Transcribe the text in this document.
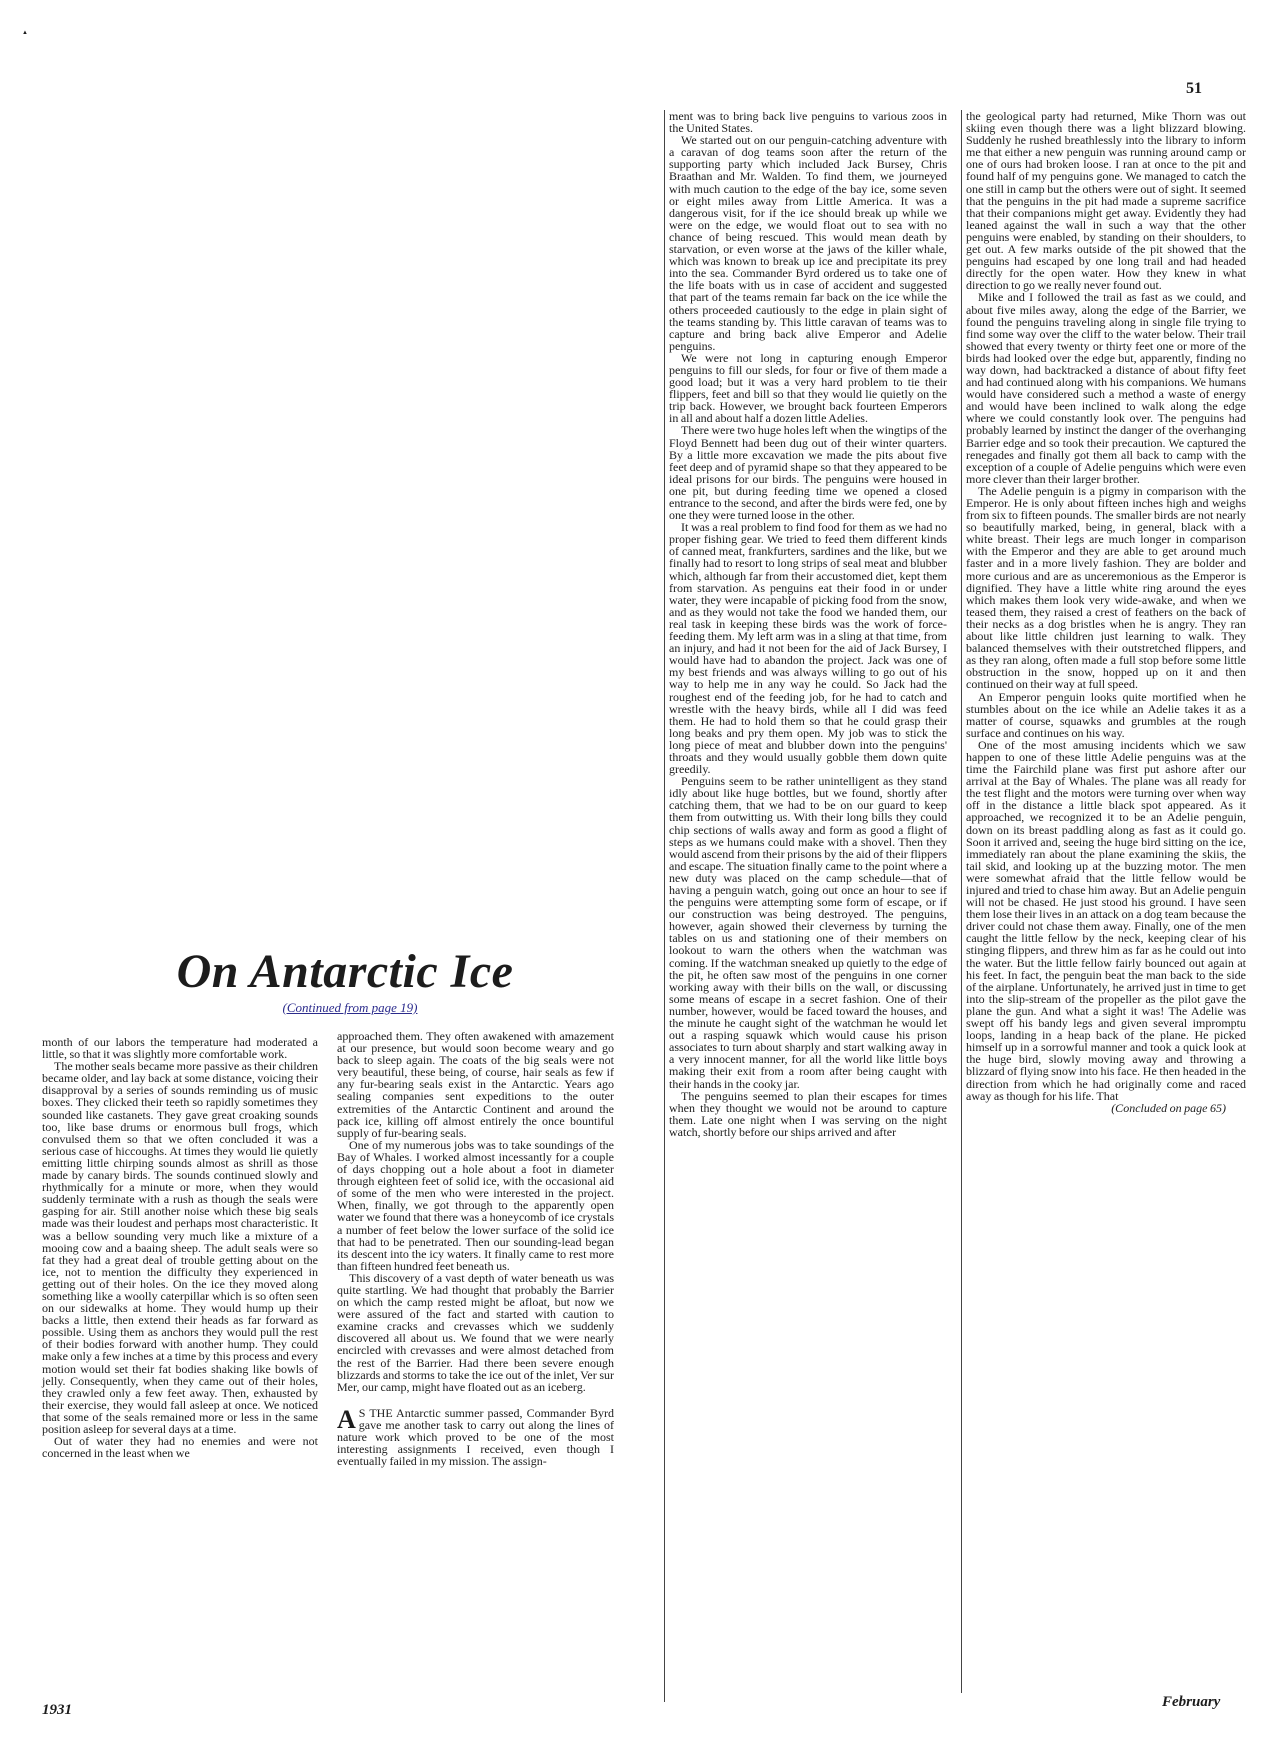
▲
51
On Antarctic Ice
(Continued from page 19)

month of our labors the temperature had moderated a little, so that it was slightly more comfortable work.

The mother seals became more passive as their children became older, and lay back at some distance, voicing their disapproval by a series of sounds reminding us of music boxes. They clicked their teeth so rapidly sometimes they sounded like castanets. They gave great croaking sounds too, like base drums or enormous bull frogs, which convulsed them so that we often concluded it was a serious case of hiccoughs. At times they would lie quietly emitting little chirping sounds almost as shrill as those made by canary birds. The sounds continued slowly and rhythmically for a minute or more, when they would suddenly terminate with a rush as though the seals were gasping for air. Still another noise which these big seals made was their loudest and perhaps most characteristic. It was a bellow sounding very much like a mixture of a mooing cow and a baaing sheep. The adult seals were so fat they had a great deal of trouble getting about on the ice, not to mention the difficulty they experienced in getting out of their holes. On the ice they moved along something like a woolly caterpillar which is so often seen on our sidewalks at home. They would hump up their backs a little, then extend their heads as far forward as possible. Using them as anchors they would pull the rest of their bodies forward with another hump. They could make only a few inches at a time by this process and every motion would set their fat bodies shaking like bowls of jelly. Consequently, when they came out of their holes, they crawled only a few feet away. Then, exhausted by their exercise, they would fall asleep at once. We noticed that some of the seals remained more or less in the same position asleep for several days at a time.

Out of water they had no enemies and were not concerned in the least when we

approached them. They often awakened with amazement at our presence, but would soon become weary and go back to sleep again. The coats of the big seals were not very beautiful, these being, of course, hair seals as few if any fur-bearing seals exist in the Antarctic. Years ago sealing companies sent expeditions to the outer extremities of the Antarctic Continent and around the pack ice, killing off almost entirely the once bountiful supply of fur-bearing seals.

One of my numerous jobs was to take soundings of the Bay of Whales. I worked almost incessantly for a couple of days chopping out a hole about a foot in diameter through eighteen feet of solid ice, with the occasional aid of some of the men who were interested in the project. When, finally, we got through to the apparently open water we found that there was a honeycomb of ice crystals a number of feet below the lower surface of the solid ice that had to be penetrated. Then our sounding-lead began its descent into the icy waters. It finally came to rest more than fifteen hundred feet beneath us.

This discovery of a vast depth of water beneath us was quite startling. We had thought that probably the Barrier on which the camp rested might be afloat, but now we were assured of the fact and started with caution to examine cracks and crevasses which we suddenly discovered all about us. We found that we were nearly encircled with crevasses and were almost detached from the rest of the Barrier. Had there been severe enough blizzards and storms to take the ice out of the inlet, Ver sur Mer, our camp, might have floated out as an iceberg.

A S THE Antarctic summer passed, Commander Byrd gave me another task to carry out along the lines of nature work which proved to be one of the most interesting assignments I received, even though I eventually failed in my mission. The assign-

ment was to bring back live penguins to various zoos in the United States.

We started out on our penguin-catching adventure with a caravan of dog teams soon after the return of the supporting party which included Jack Bursey, Chris Braathan and Mr. Walden. To find them, we journeyed with much caution to the edge of the bay ice, some seven or eight miles away from Little America. It was a dangerous visit, for if the ice should break up while we were on the edge, we would float out to sea with no chance of being rescued. This would mean death by starvation, or even worse at the jaws of the killer whale, which was known to break up ice and precipitate its prey into the sea. Commander Byrd ordered us to take one of the life boats with us in case of accident and suggested that part of the teams remain far back on the ice while the others proceeded cautiously to the edge in plain sight of the teams standing by. This little caravan of teams was to capture and bring back alive Emperor and Adelie penguins.

We were not long in capturing enough Emperor penguins to fill our sleds, for four or five of them made a good load; but it was a very hard problem to tie their flippers, feet and bill so that they would lie quietly on the trip back. However, we brought back fourteen Emperors in all and about half a dozen little Adelies.

There were two huge holes left when the wingtips of the Floyd Bennett had been dug out of their winter quarters. By a little more excavation we made the pits about five feet deep and of pyramid shape so that they appeared to be ideal prisons for our birds. The penguins were housed in one pit, but during feeding time we opened a closed entrance to the second, and after the birds were fed, one by one they were turned loose in the other.

It was a real problem to find food for them as we had no proper fishing gear. We tried to feed them different kinds of canned meat, frankfurters, sardines and the like, but we finally had to resort to long strips of seal meat and blubber which, although far from their accustomed diet, kept them from starvation. As penguins eat their food in or under water, they were incapable of picking food from the snow, and as they would not take the food we handed them, our real task in keeping these birds was the work of force-feeding them. My left arm was in a sling at that time, from an injury, and had it not been for the aid of Jack Bursey, I would have had to abandon the project. Jack was one of my best friends and was always willing to go out of his way to help me in any way he could. So Jack had the roughest end of the feeding job, for he had to catch and wrestle with the heavy birds, while all I did was feed them. He had to hold them so that he could grasp their long beaks and pry them open. My job was to stick the long piece of meat and blubber down into the penguins' throats and they would usually gobble them down quite greedily.

Penguins seem to be rather unintelligent as they stand idly about like huge bottles, but we found, shortly after catching them, that we had to be on our guard to keep them from outwitting us. With their long bills they could chip sections of walls away and form as good a flight of steps as we humans could make with a shovel. Then they would ascend from their prisons by the aid of their flippers and escape. The situation finally came to the point where a new duty was placed on the camp schedule—that of having a penguin watch, going out once an hour to see if the penguins were attempting some form of escape, or if our construction was being destroyed. The penguins, however, again showed their cleverness by turning the tables on us and stationing one of their members on lookout to warn the others when the watchman was coming. If the watchman sneaked up quietly to the edge of the pit, he often saw most of the penguins in one corner working away with their bills on the wall, or discussing some means of escape in a secret fashion. One of their number, however, would be faced toward the houses, and the minute he caught sight of the watchman he would let out a rasping squawk which would cause his prison associates to turn about sharply and start walking away in a very innocent manner, for all the world like little boys making their exit from a room after being caught with their hands in the cooky jar.

The penguins seemed to plan their escapes for times when they thought we would not be around to capture them. Late one night when I was serving on the night watch, shortly before our ships arrived and after

the geological party had returned, Mike Thorn was out skiing even though there was a light blizzard blowing. Suddenly he rushed breathlessly into the library to inform me that either a new penguin was running around camp or one of ours had broken loose. I ran at once to the pit and found half of my penguins gone. We managed to catch the one still in camp but the others were out of sight. It seemed that the penguins in the pit had made a supreme sacrifice that their companions might get away. Evidently they had leaned against the wall in such a way that the other penguins were enabled, by standing on their shoulders, to get out. A few marks outside of the pit showed that the penguins had escaped by one long trail and had headed directly for the open water. How they knew in what direction to go we really never found out.

Mike and I followed the trail as fast as we could, and about five miles away, along the edge of the Barrier, we found the penguins traveling along in single file trying to find some way over the cliff to the water below. Their trail showed that every twenty or thirty feet one or more of the birds had looked over the edge but, apparently, finding no way down, had backtracked a distance of about fifty feet and had continued along with his companions. We humans would have considered such a method a waste of energy and would have been inclined to walk along the edge where we could constantly look over. The penguins had probably learned by instinct the danger of the overhanging Barrier edge and so took their precaution. We captured the renegades and finally got them all back to camp with the exception of a couple of Adelie penguins which were even more clever than their larger brother.

The Adelie penguin is a pigmy in comparison with the Emperor. He is only about fifteen inches high and weighs from six to fifteen pounds. The smaller birds are not nearly so beautifully marked, being, in general, black with a white breast. Their legs are much longer in comparison with the Emperor and they are able to get around much faster and in a more lively fashion. They are bolder and more curious and are as unceremonious as the Emperor is dignified. They have a little white ring around the eyes which makes them look very wide-awake, and when we teased them, they raised a crest of feathers on the back of their necks as a dog bristles when he is angry. They ran about like little children just learning to walk. They balanced themselves with their outstretched flippers, and as they ran along, often made a full stop before some little obstruction in the snow, hopped up on it and then continued on their way at full speed.

An Emperor penguin looks quite mortified when he stumbles about on the ice while an Adelie takes it as a matter of course, squawks and grumbles at the rough surface and continues on his way.

One of the most amusing incidents which we saw happen to one of these little Adelie penguins was at the time the Fairchild plane was first put ashore after our arrival at the Bay of Whales. The plane was all ready for the test flight and the motors were turning over when way off in the distance a little black spot appeared. As it approached, we recognized it to be an Adelie penguin, down on its breast paddling along as fast as it could go. Soon it arrived and, seeing the huge bird sitting on the ice, immediately ran about the plane examining the skiis, the tail skid, and looking up at the buzzing motor. The men were somewhat afraid that the little fellow would be injured and tried to chase him away. But an Adelie penguin will not be chased. He just stood his ground. I have seen them lose their lives in an attack on a dog team because the driver could not chase them away. Finally, one of the men caught the little fellow by the neck, keeping clear of his stinging flippers, and threw him as far as he could out into the water. But the little fellow fairly bounced out again at his feet. In fact, the penguin beat the man back to the side of the airplane. Unfortunately, he arrived just in time to get into the slip-stream of the propeller as the pilot gave the plane the gun. And what a sight it was! The Adelie was swept off his bandy legs and given several impromptu loops, landing in a heap back of the plane. He picked himself up in a sorrowful manner and took a quick look at the huge bird, slowly moving away and throwing a blizzard of flying snow into his face. He then headed in the direction from which he had originally come and raced away as though for his life. That

(Concluded on page 65)

1931	February
